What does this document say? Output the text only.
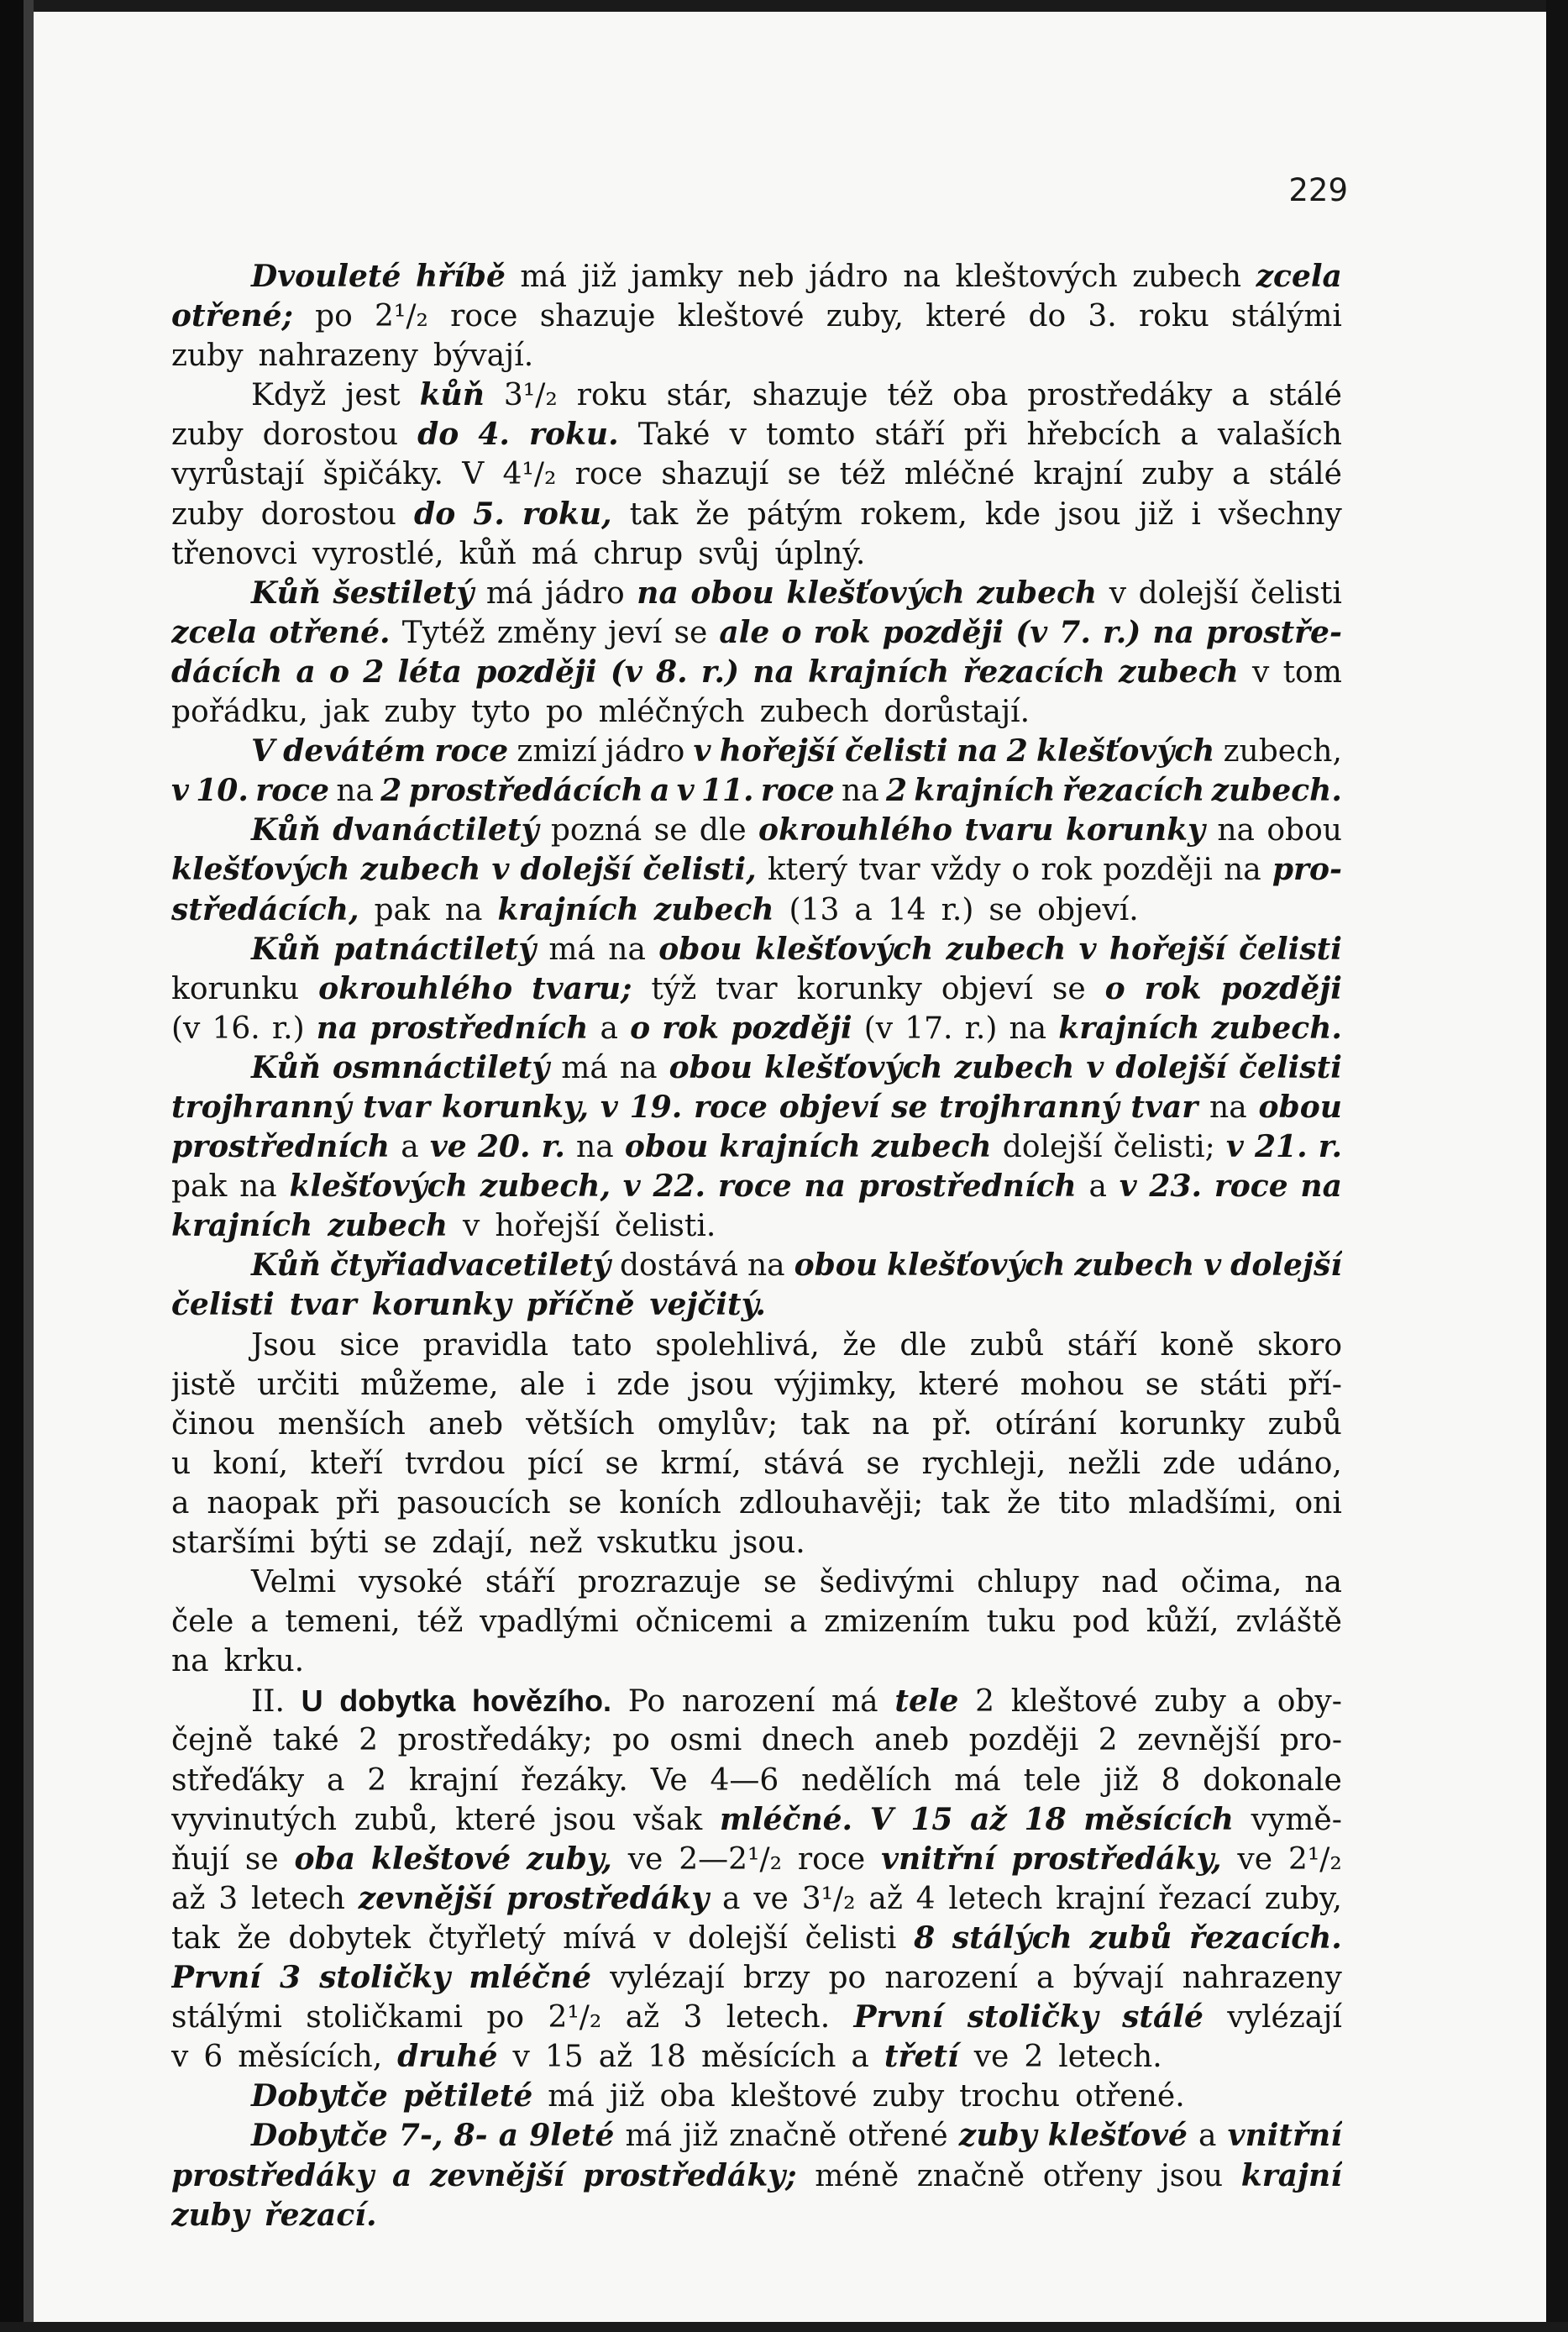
229
Dvouleté hříbě má již jamky neb jádro na kleštových zubech zcela
otřené; po 2¹/₂ roce shazuje kleštové zuby, které do 3. roku stálými
zuby nahrazeny bývají.
Když jest kůň 3¹/₂ roku stár, shazuje též oba prostředáky a stálé
zuby dorostou do 4. roku. Také v tomto stáří při hřebcích a valaších
vyrůstají špičáky. V 4¹/₂ roce shazují se též mléčné krajní zuby a stálé
zuby dorostou do 5. roku, tak že pátým rokem, kde jsou již i všechny
třenovci vyrostlé, kůň má chrup svůj úplný.
Kůň šestiletý má jádro na obou klešťových zubech v dolejší čelisti
zcela otřené. Tytéž změny jeví se ale o rok později (v 7. r.) na prostře-
dácích a o 2 léta později (v 8. r.) na krajních řezacích zubech v tom
pořádku, jak zuby tyto po mléčných zubech dorůstají.
V devátém roce zmizí jádro v hořejší čelisti na 2 klešťových zubech,
v 10. roce na 2 prostředácích a v 11. roce na 2 krajních řezacích zubech.
Kůň dvanáctiletý pozná se dle okrouhlého tvaru korunky na obou
klešťových zubech v dolejší čelisti, který tvar vždy o rok později na pro-
středácích, pak na krajních zubech (13 a 14 r.) se objeví.
Kůň patnáctiletý má na obou klešťových zubech v hořejší čelisti
korunku okrouhlého tvaru; týž tvar korunky objeví se o rok později
(v 16. r.) na prostředních a o rok později (v 17. r.) na krajních zubech.
Kůň osmnáctiletý má na obou klešťových zubech v dolejší čelisti
trojhranný tvar korunky, v 19. roce objeví se trojhranný tvar na obou
prostředních a ve 20. r. na obou krajních zubech dolejší čelisti; v 21. r.
pak na klešťových zubech, v 22. roce na prostředních a v 23. roce na
krajních zubech v hořejší čelisti.
Kůň čtyřiadvacetiletý dostává na obou klešťových zubech v dolejší
čelisti tvar korunky příčně vejčitý.
Jsou sice pravidla tato spolehlivá, že dle zubů stáří koně skoro
jistě určiti můžeme, ale i zde jsou výjimky, které mohou se státi pří-
činou menších aneb větších omylův; tak na př. otírání korunky zubů
u koní, kteří tvrdou pící se krmí, stává se rychleji, nežli zde udáno,
a naopak při pasoucích se koních zdlouhavěji; tak že tito mladšími, oni
staršími býti se zdají, než vskutku jsou.
Velmi vysoké stáří prozrazuje se šedivými chlupy nad očima, na
čele a temeni, též vpadlými očnicemi a zmizením tuku pod kůží, zvláště
na krku.
II. U dobytka hovězího. Po narození má tele 2 kleštové zuby a oby-
čejně také 2 prostředáky; po osmi dnech aneb později 2 zevnější pro-
střeďáky a 2 krajní řezáky. Ve 4—6 nedělích má tele již 8 dokonale
vyvinutých zubů, které jsou však mléčné. V 15 až 18 měsících vymě-
ňují se oba kleštové zuby, ve 2—2¹/₂ roce vnitřní prostředáky, ve 2¹/₂
až 3 letech zevnější prostředáky a ve 3¹/₂ až 4 letech krajní řezací zuby,
tak že dobytek čtyřletý mívá v dolejší čelisti 8 stálých zubů řezacích.
První 3 stoličky mléčné vylézají brzy po narození a bývají nahrazeny
stálými stoličkami po 2¹/₂ až 3 letech. První stoličky stálé vylézají
v 6 měsících, druhé v 15 až 18 měsících a třetí ve 2 letech.
Dobytče pětileté má již oba kleštové zuby trochu otřené.
Dobytče 7-, 8- a 9leté má již značně otřené zuby klešťové a vnitřní
prostředáky a zevnější prostředáky; méně značně otřeny jsou krajní
zuby řezací.
